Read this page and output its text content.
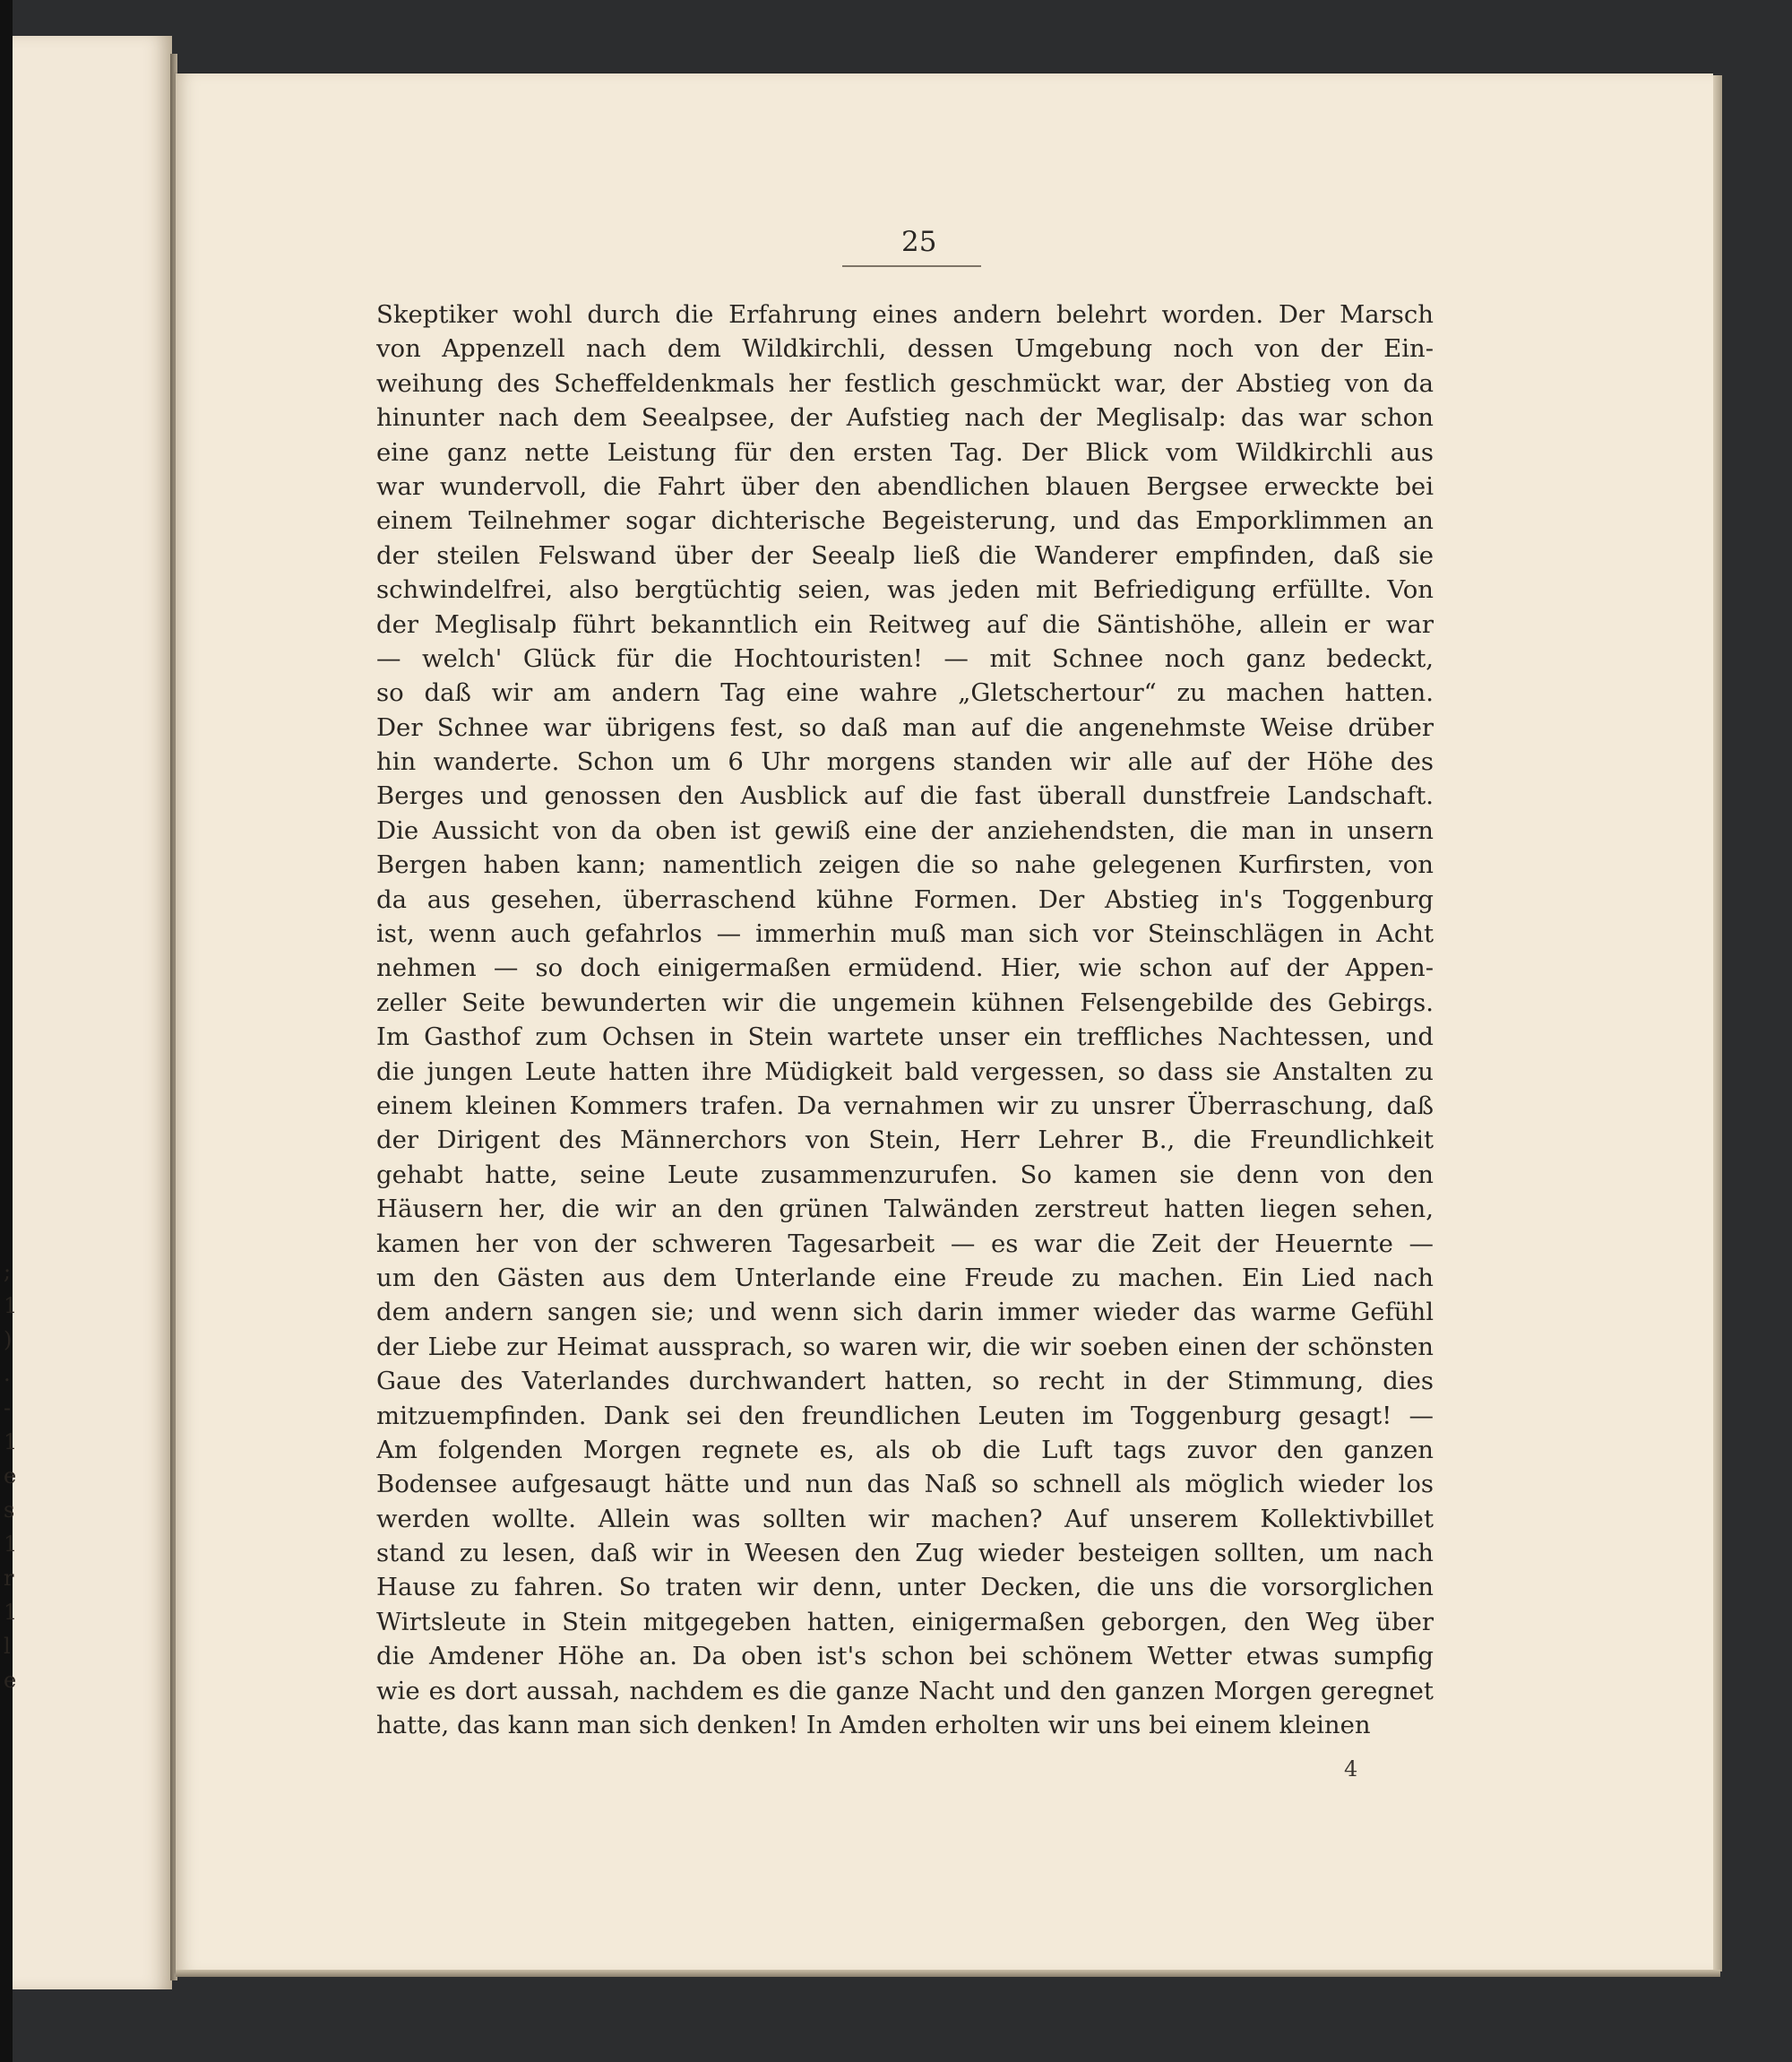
;
1
)
.
-
1
e
s
1
r
1
l
e
25
Skeptiker wohl durch die Erfahrung eines andern belehrt worden. Der Marsch
von Appenzell nach dem Wildkirchli, dessen Umgebung noch von der Ein-
weihung des Scheffeldenkmals her festlich geschmückt war, der Abstieg von da
hinunter nach dem Seealpsee, der Aufstieg nach der Meglisalp: das war schon
eine ganz nette Leistung für den ersten Tag. Der Blick vom Wildkirchli aus
war wundervoll, die Fahrt über den abendlichen blauen Bergsee erweckte bei
einem Teilnehmer sogar dichterische Begeisterung, und das Emporklimmen an
der steilen Felswand über der Seealp ließ die Wanderer empfinden, daß sie
schwindelfrei, also bergtüchtig seien, was jeden mit Befriedigung erfüllte. Von
der Meglisalp führt bekanntlich ein Reitweg auf die Säntishöhe, allein er war
— welch' Glück für die Hochtouristen! — mit Schnee noch ganz bedeckt,
so daß wir am andern Tag eine wahre „Gletschertour“ zu machen hatten.
Der Schnee war übrigens fest, so daß man auf die angenehmste Weise drüber
hin wanderte. Schon um 6 Uhr morgens standen wir alle auf der Höhe des
Berges und genossen den Ausblick auf die fast überall dunstfreie Landschaft.
Die Aussicht von da oben ist gewiß eine der anziehendsten, die man in unsern
Bergen haben kann; namentlich zeigen die so nahe gelegenen Kurfirsten, von
da aus gesehen, überraschend kühne Formen. Der Abstieg in's Toggenburg
ist, wenn auch gefahrlos — immerhin muß man sich vor Steinschlägen in Acht
nehmen — so doch einigermaßen ermüdend. Hier, wie schon auf der Appen-
zeller Seite bewunderten wir die ungemein kühnen Felsengebilde des Gebirgs.
Im Gasthof zum Ochsen in Stein wartete unser ein treffliches Nachtessen, und
die jungen Leute hatten ihre Müdigkeit bald vergessen, so dass sie Anstalten zu
einem kleinen Kommers trafen. Da vernahmen wir zu unsrer Überraschung, daß
der Dirigent des Männerchors von Stein, Herr Lehrer B., die Freundlichkeit
gehabt hatte, seine Leute zusammenzurufen. So kamen sie denn von den
Häusern her, die wir an den grünen Talwänden zerstreut hatten liegen sehen,
kamen her von der schweren Tagesarbeit — es war die Zeit der Heuernte —
um den Gästen aus dem Unterlande eine Freude zu machen. Ein Lied nach
dem andern sangen sie; und wenn sich darin immer wieder das warme Gefühl
der Liebe zur Heimat aussprach, so waren wir, die wir soeben einen der schönsten
Gaue des Vaterlandes durchwandert hatten, so recht in der Stimmung, dies
mitzuempfinden. Dank sei den freundlichen Leuten im Toggenburg gesagt! —
Am folgenden Morgen regnete es, als ob die Luft tags zuvor den ganzen
Bodensee aufgesaugt hätte und nun das Naß so schnell als möglich wieder los
werden wollte. Allein was sollten wir machen? Auf unserem Kollektivbillet
stand zu lesen, daß wir in Weesen den Zug wieder besteigen sollten, um nach
Hause zu fahren. So traten wir denn, unter Decken, die uns die vorsorglichen
Wirtsleute in Stein mitgegeben hatten, einigermaßen geborgen, den Weg über
die Amdener Höhe an. Da oben ist's schon bei schönem Wetter etwas sumpfig
wie es dort aussah, nachdem es die ganze Nacht und den ganzen Morgen geregnet
hatte, das kann man sich denken! In Amden erholten wir uns bei einem kleinen
4
